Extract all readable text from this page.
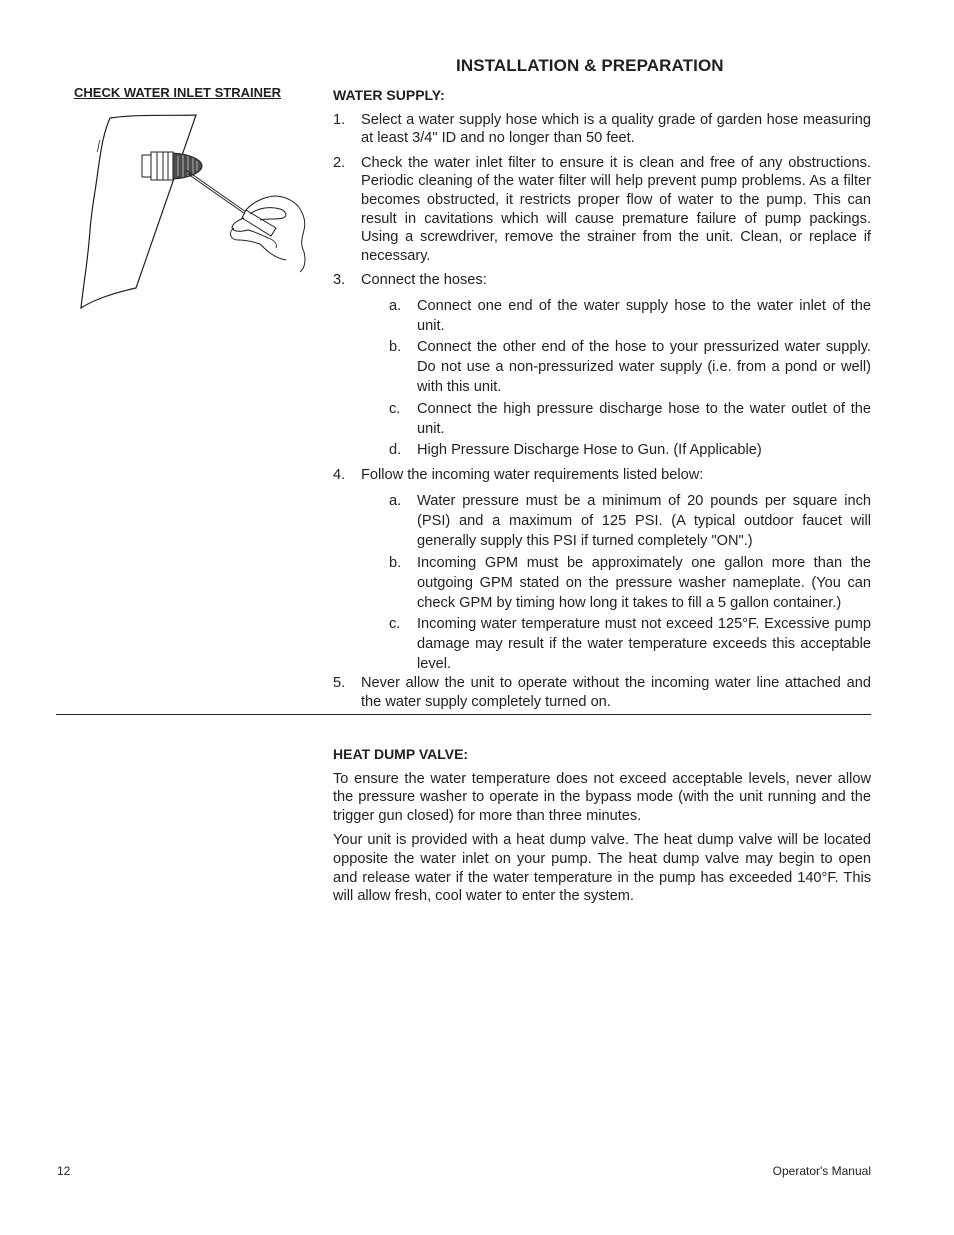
INSTALLATION & PREPARATION
CHECK WATER INLET STRAINER	WATER SUPPLY:

1. Select a water supply hose which is a quality grade of garden hose measuring at least 3/4" ID and no longer than 50 feet.
2. Check the water inlet filter to ensure it is clean and free of any obstructions. Periodic cleaning of the water filter will help prevent pump problems. As a filter becomes obstructed, it restricts proper flow of water to the pump. This can result in cavitations which will cause premature failure of pump packings. Using a screwdriver, remove the strainer from the unit. Clean, or replace if necessary.
3. Connect the hoses:
a. Connect one end of the water supply hose to the water inlet of the unit.
b. Connect the other end of the hose to your pressurized water supply. Do not use a non-pressurized water supply (i.e. from a pond or well) with this unit.
c. Connect the high pressure discharge hose to the water outlet of the unit.
d. High Pressure Discharge Hose to Gun. (If Applicable)
4. Follow the incoming water requirements listed below:
a. Water pressure must be a minimum of 20 pounds per square inch (PSI) and a maximum of 125 PSI. (A typical outdoor faucet will generally supply this PSI if turned completely "ON".)
b. Incoming GPM must be approximately one gallon more than the outgoing GPM stated on the pressure washer nameplate. (You can check GPM by timing how long it takes to fill a 5 gallon container.)
c. Incoming water temperature must not exceed 125°F. Excessive pump damage may result if the water temperature exceeds this acceptable level.
5. Never allow the unit to operate without the incoming water line attached and the water supply completely turned on.

HEAT DUMP VALVE:

To ensure the water temperature does not exceed acceptable levels, never allow the pressure washer to operate in the bypass mode (with the unit running and the trigger gun closed) for more than three minutes.

Your unit is provided with a heat dump valve. The heat dump valve will be located opposite the water inlet on your pump. The heat dump valve may begin to open and release water if the water temperature in the pump has exceeded 140°F. This will allow fresh, cool water to enter the system.

12	Operator's Manual
